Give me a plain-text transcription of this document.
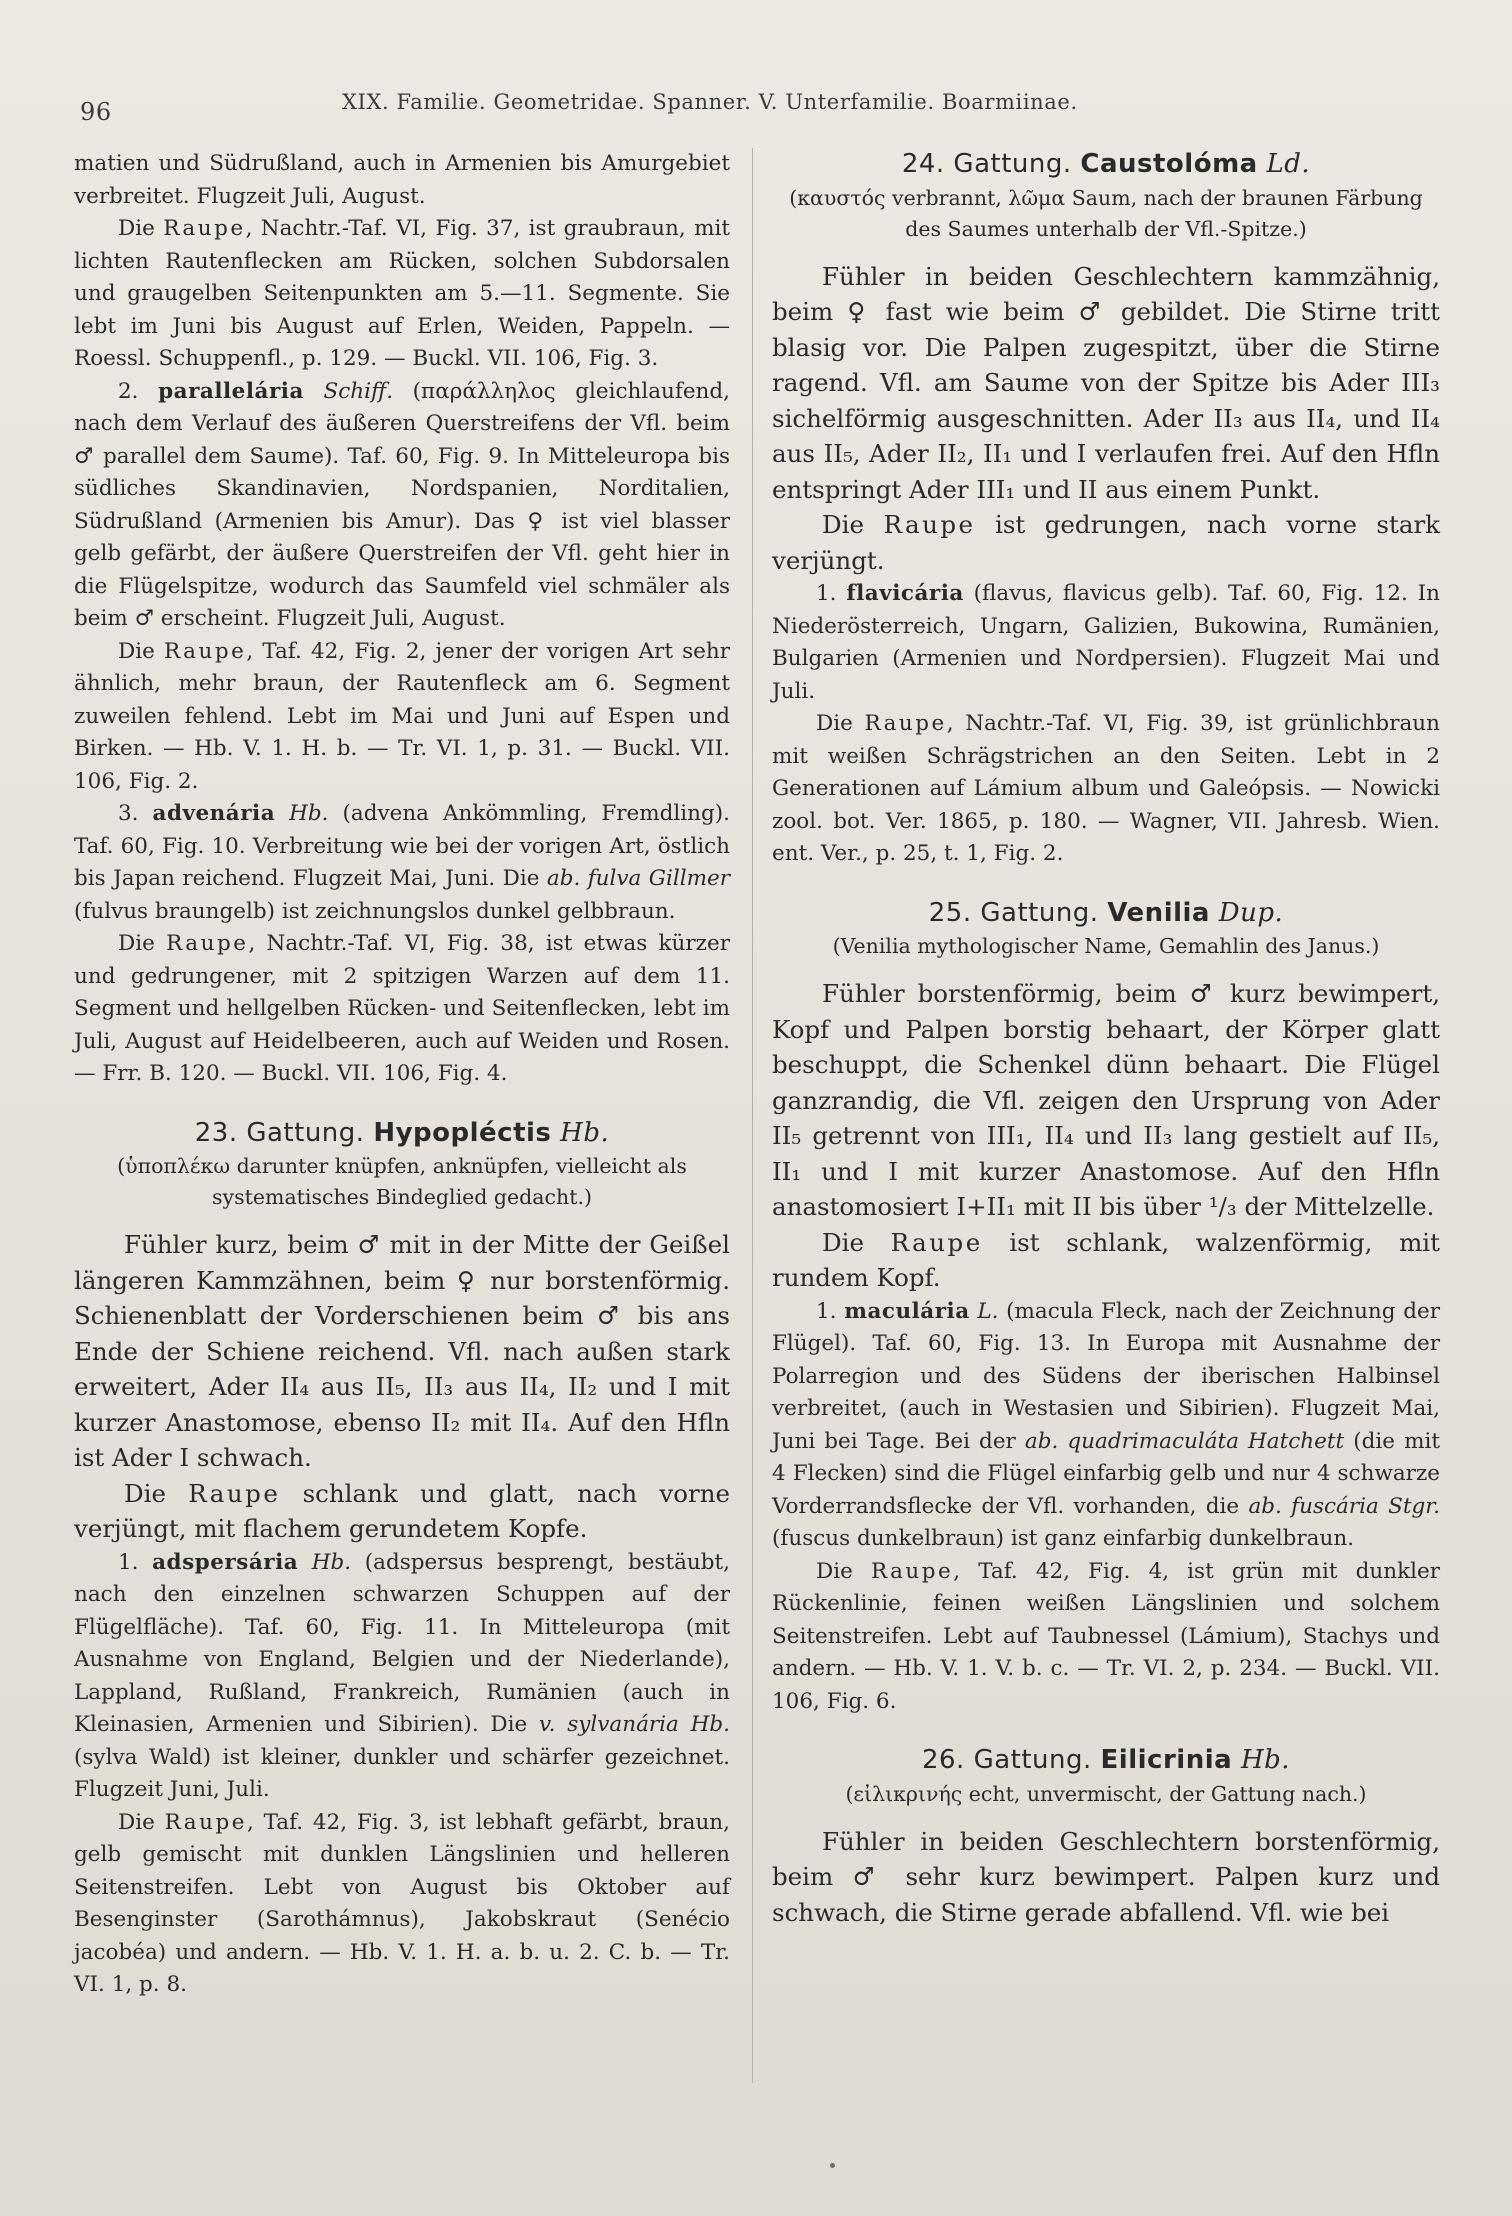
96	XIX. Familie. Geometridae. Spanner. V. Unterfamilie. Boarmiinae.

matien und Südrußland, auch in Armenien bis Amurgebiet verbreitet. Flugzeit Juli, August.

Die Raupe, Nachtr.-Taf. VI, Fig. 37, ist graubraun, mit lichten Rautenflecken am Rücken, solchen Subdorsalen und graugelben Seitenpunkten am 5.—11. Segmente. Sie lebt im Juni bis August auf Erlen, Weiden, Pappeln. — Roessl. Schuppenfl., p. 129. — Buckl. VII. 106, Fig. 3.

2. parallelária Schiff. (παράλληλος gleichlaufend, nach dem Verlauf des äußeren Querstreifens der Vfl. beim ♂ parallel dem Saume). Taf. 60, Fig. 9. In Mitteleuropa bis südliches Skandinavien, Nordspanien, Norditalien, Südrußland (Armenien bis Amur). Das ♀ ist viel blasser gelb gefärbt, der äußere Querstreifen der Vfl. geht hier in die Flügelspitze, wodurch das Saumfeld viel schmäler als beim ♂ erscheint. Flugzeit Juli, August.

Die Raupe, Taf. 42, Fig. 2, jener der vorigen Art sehr ähnlich, mehr braun, der Rautenfleck am 6. Segment zuweilen fehlend. Lebt im Mai und Juni auf Espen und Birken. — Hb. V. 1. H. b. — Tr. VI. 1, p. 31. — Buckl. VII. 106, Fig. 2.

3. advenária Hb. (advena Ankömmling, Fremdling). Taf. 60, Fig. 10. Verbreitung wie bei der vorigen Art, östlich bis Japan reichend. Flugzeit Mai, Juni. Die ab. fulva Gillmer (fulvus braungelb) ist zeichnungslos dunkel gelbbraun.

Die Raupe, Nachtr.-Taf. VI, Fig. 38, ist etwas kürzer und gedrungener, mit 2 spitzigen Warzen auf dem 11. Segment und hellgelben Rücken- und Seitenflecken, lebt im Juli, August auf Heidelbeeren, auch auf Weiden und Rosen. — Frr. B. 120. — Buckl. VII. 106, Fig. 4.

23. Gattung. Hypopléctis Hb.

(ὑποπλέκω darunter knüpfen, anknüpfen, vielleicht als systematisches Bindeglied gedacht.)

Fühler kurz, beim ♂ mit in der Mitte der Geißel längeren Kammzähnen, beim ♀ nur borstenförmig. Schienenblatt der Vorderschienen beim ♂ bis ans Ende der Schiene reichend. Vfl. nach außen stark erweitert, Ader II₄ aus II₅, II₃ aus II₄, II₂ und I mit kurzer Anastomose, ebenso II₂ mit II₄. Auf den Hfln ist Ader I schwach.

Die Raupe schlank und glatt, nach vorne verjüngt, mit flachem gerundetem Kopfe.

1. adspersária Hb. (adspersus besprengt, bestäubt, nach den einzelnen schwarzen Schuppen auf der Flügelfläche). Taf. 60, Fig. 11. In Mitteleuropa (mit Ausnahme von England, Belgien und der Niederlande), Lappland, Rußland, Frankreich, Rumänien (auch in Kleinasien, Armenien und Sibirien). Die v. sylvanária Hb. (sylva Wald) ist kleiner, dunkler und schärfer gezeichnet. Flugzeit Juni, Juli.

Die Raupe, Taf. 42, Fig. 3, ist lebhaft gefärbt, braun, gelb gemischt mit dunklen Längslinien und helleren Seitenstreifen. Lebt von August bis Oktober auf Besenginster (Sarothámnus), Jakobskraut (Senécio jacobéa) und andern. — Hb. V. 1. H. a. b. u. 2. C. b. — Tr. VI. 1, p. 8.

24. Gattung. Caustolóma Ld.

(καυστός verbrannt, λῶμα Saum, nach der braunen Färbung des Saumes unterhalb der Vfl.-Spitze.)

Fühler in beiden Geschlechtern kammzähnig, beim ♀ fast wie beim ♂ gebildet. Die Stirne tritt blasig vor. Die Palpen zugespitzt, über die Stirne ragend. Vfl. am Saume von der Spitze bis Ader III₃ sichelförmig ausgeschnitten. Ader II₃ aus II₄, und II₄ aus II₅, Ader II₂, II₁ und I verlaufen frei. Auf den Hfln entspringt Ader III₁ und II aus einem Punkt.

Die Raupe ist gedrungen, nach vorne stark verjüngt.

1. flavicária (flavus, flavicus gelb). Taf. 60, Fig. 12. In Niederösterreich, Ungarn, Galizien, Bukowina, Rumänien, Bulgarien (Armenien und Nordpersien). Flugzeit Mai und Juli.

Die Raupe, Nachtr.-Taf. VI, Fig. 39, ist grünlichbraun mit weißen Schrägstrichen an den Seiten. Lebt in 2 Generationen auf Lámium album und Galeópsis. — Nowicki zool. bot. Ver. 1865, p. 180. — Wagner, VII. Jahresb. Wien. ent. Ver., p. 25, t. 1, Fig. 2.

25. Gattung. Venilia Dup.

(Venilia mythologischer Name, Gemahlin des Janus.)

Fühler borstenförmig, beim ♂ kurz bewimpert, Kopf und Palpen borstig behaart, der Körper glatt beschuppt, die Schenkel dünn behaart. Die Flügel ganzrandig, die Vfl. zeigen den Ursprung von Ader II₅ getrennt von III₁, II₄ und II₃ lang gestielt auf II₅, II₁ und I mit kurzer Anastomose. Auf den Hfln anastomosiert I+II₁ mit II bis über ¹/₃ der Mittelzelle.

Die Raupe ist schlank, walzenförmig, mit rundem Kopf.

1. maculária L. (macula Fleck, nach der Zeichnung der Flügel). Taf. 60, Fig. 13. In Europa mit Ausnahme der Polarregion und des Südens der iberischen Halbinsel verbreitet, (auch in Westasien und Sibirien). Flugzeit Mai, Juni bei Tage. Bei der ab. quadrimaculáta Hatchett (die mit 4 Flecken) sind die Flügel einfarbig gelb und nur 4 schwarze Vorderrandsflecke der Vfl. vorhanden, die ab. fuscária Stgr. (fuscus dunkelbraun) ist ganz einfarbig dunkelbraun.

Die Raupe, Taf. 42, Fig. 4, ist grün mit dunkler Rückenlinie, feinen weißen Längslinien und solchem Seitenstreifen. Lebt auf Taubnessel (Lámium), Stachys und andern. — Hb. V. 1. V. b. c. — Tr. VI. 2, p. 234. — Buckl. VII. 106, Fig. 6.

26. Gattung. Eilicrinia Hb.

(εἰλικρινής echt, unvermischt, der Gattung nach.)

Fühler in beiden Geschlechtern borstenförmig, beim ♂ sehr kurz bewimpert. Palpen kurz und schwach, die Stirne gerade abfallend. Vfl. wie bei
